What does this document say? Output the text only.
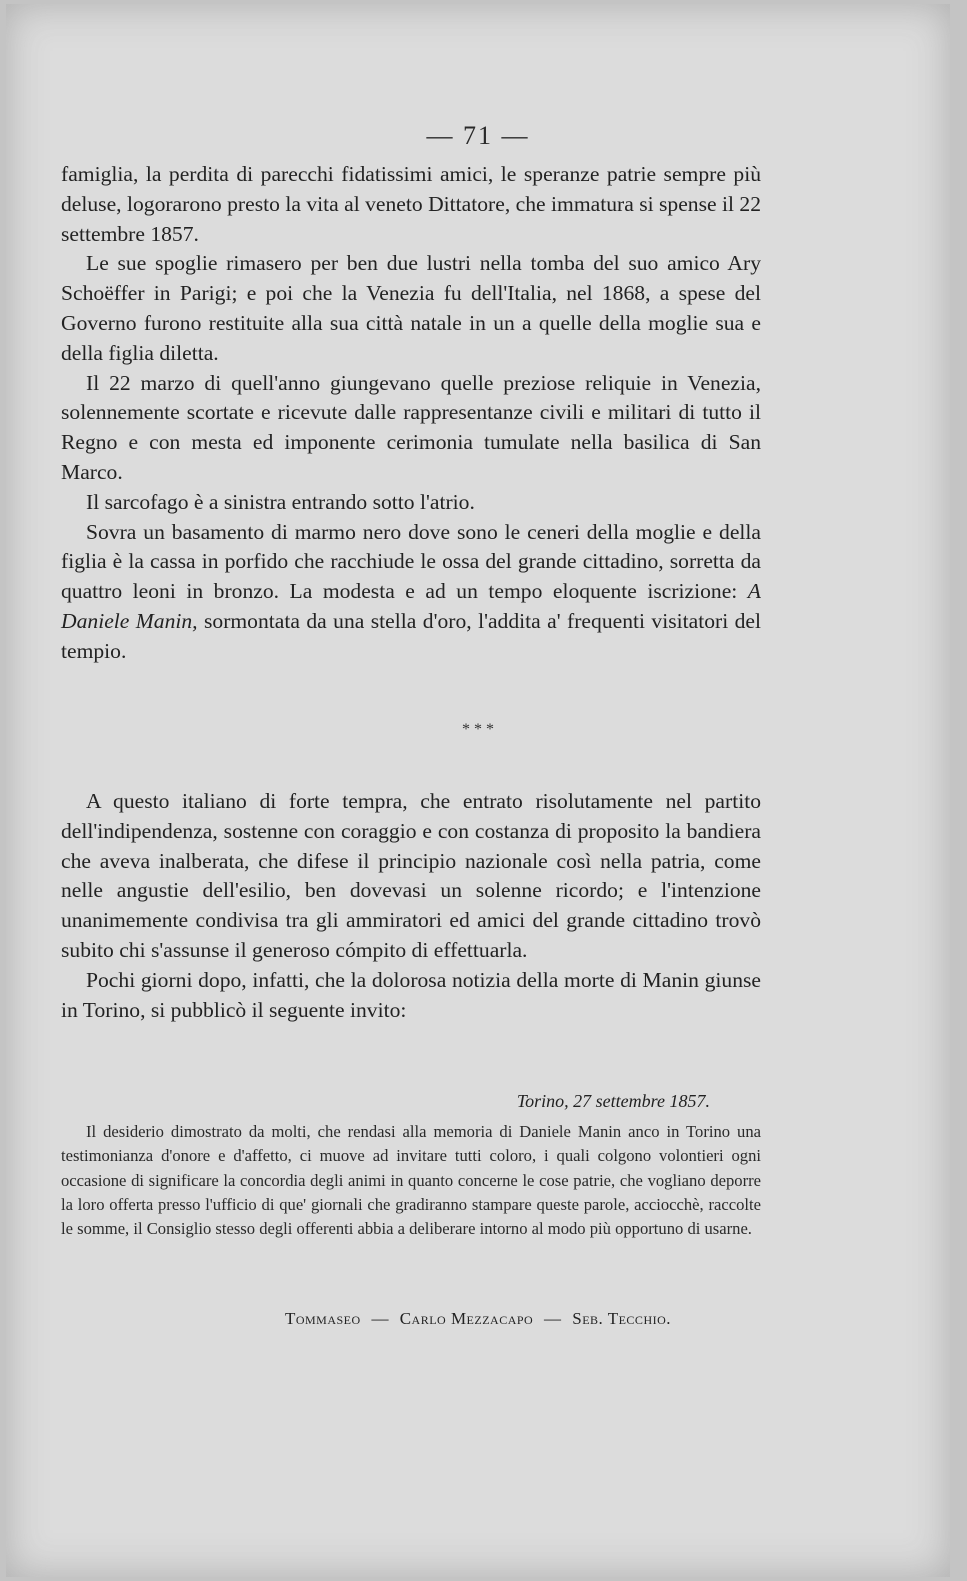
— 71 —

famiglia, la perdita di parecchi fidatissimi amici, le speranze patrie sempre più deluse, logorarono presto la vita al veneto Dittatore, che immatura si spense il 22 settembre 1857.

Le sue spoglie rimasero per ben due lustri nella tomba del suo amico Ary Schoëffer in Parigi; e poi che la Venezia fu dell'Italia, nel 1868, a spese del Governo furono restituite alla sua città natale in un a quelle della moglie sua e della figlia diletta.

Il 22 marzo di quell'anno giungevano quelle preziose reliquie in Venezia, solennemente scortate e ricevute dalle rappresentanze civili e militari di tutto il Regno e con mesta ed imponente cerimonia tumulate nella basilica di San Marco.

Il sarcofago è a sinistra entrando sotto l'atrio.

Sovra un basamento di marmo nero dove sono le ceneri della moglie e della figlia è la cassa in porfido che racchiude le ossa del grande cittadino, sorretta da quattro leoni in bronzo. La modesta e ad un tempo eloquente iscrizione: A Daniele Manin, sormontata da una stella d'oro, l'addita a' frequenti visitatori del tempio.

* * *

A questo italiano di forte tempra, che entrato risolutamente nel partito dell'indipendenza, sostenne con coraggio e con costanza di proposito la bandiera che aveva inalberata, che difese il principio nazionale così nella patria, come nelle angustie dell'esilio, ben dovevasi un solenne ricordo; e l'intenzione unanimemente condivisa tra gli ammiratori ed amici del grande cittadino trovò subito chi s'assunse il generoso cómpito di effettuarla.

Pochi giorni dopo, infatti, che la dolorosa notizia della morte di Manin giunse in Torino, si pubblicò il seguente invito:

Torino, 27 settembre 1857.

Il desiderio dimostrato da molti, che rendasi alla memoria di Daniele Manin anco in Torino una testimonianza d'onore e d'affetto, ci muove ad invitare tutti coloro, i quali colgono volontieri ogni occasione di significare la concordia degli animi in quanto concerne le cose patrie, che vogliano deporre la loro offerta presso l'ufficio di que' giornali che gradiranno stampare queste parole, acciocchè, raccolte le somme, il Consiglio stesso degli offerenti abbia a deliberare intorno al modo più opportuno di usarne.

Tommaseo — Carlo Mezzacapo — Seb. Tecchio.
